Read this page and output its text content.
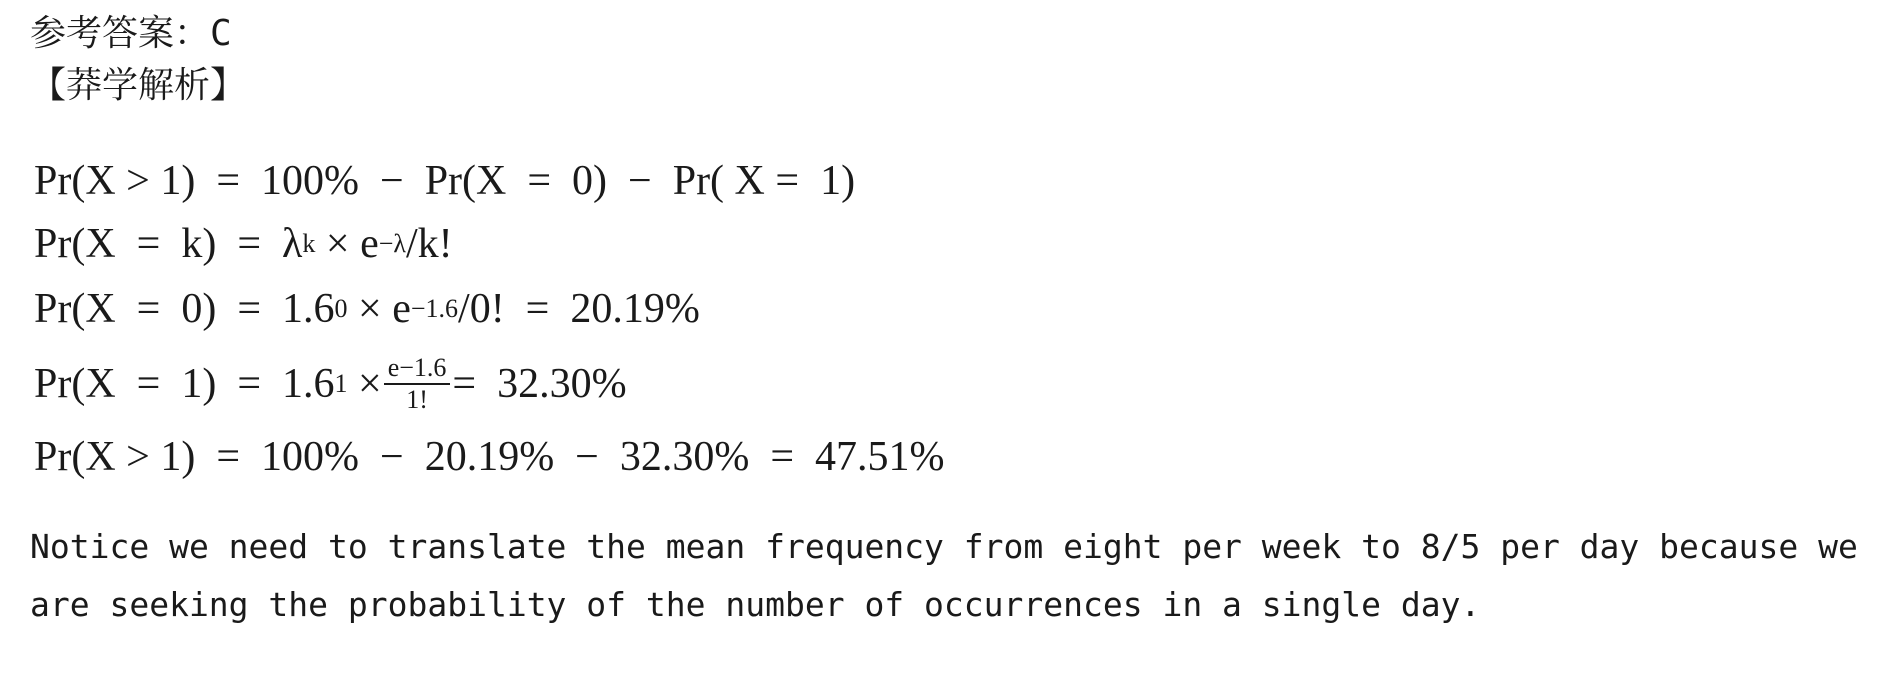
参考答案：C
【莽学解析】
Pr(X > 1)  =  100%  −  Pr(X  =  0)  −  Pr( X =  1)
Pr(X  =  k)  =  λ k × e −λ /k!
Pr(X  =  0)  =  1.6 0 × e −1.6 /0!  =  20.19%
Pr(X  =  1)  =  1.6 $1 \times \frac{e-1.6}{1!} = 32.30\%$
Pr(X > 1)  =  100%  −  20.19%  −  32.30%  =  47.51%
Notice we need to translate the mean frequency from eight per week to 8/5 per day because we
are seeking the probability of the number of occurrences in a single day.
